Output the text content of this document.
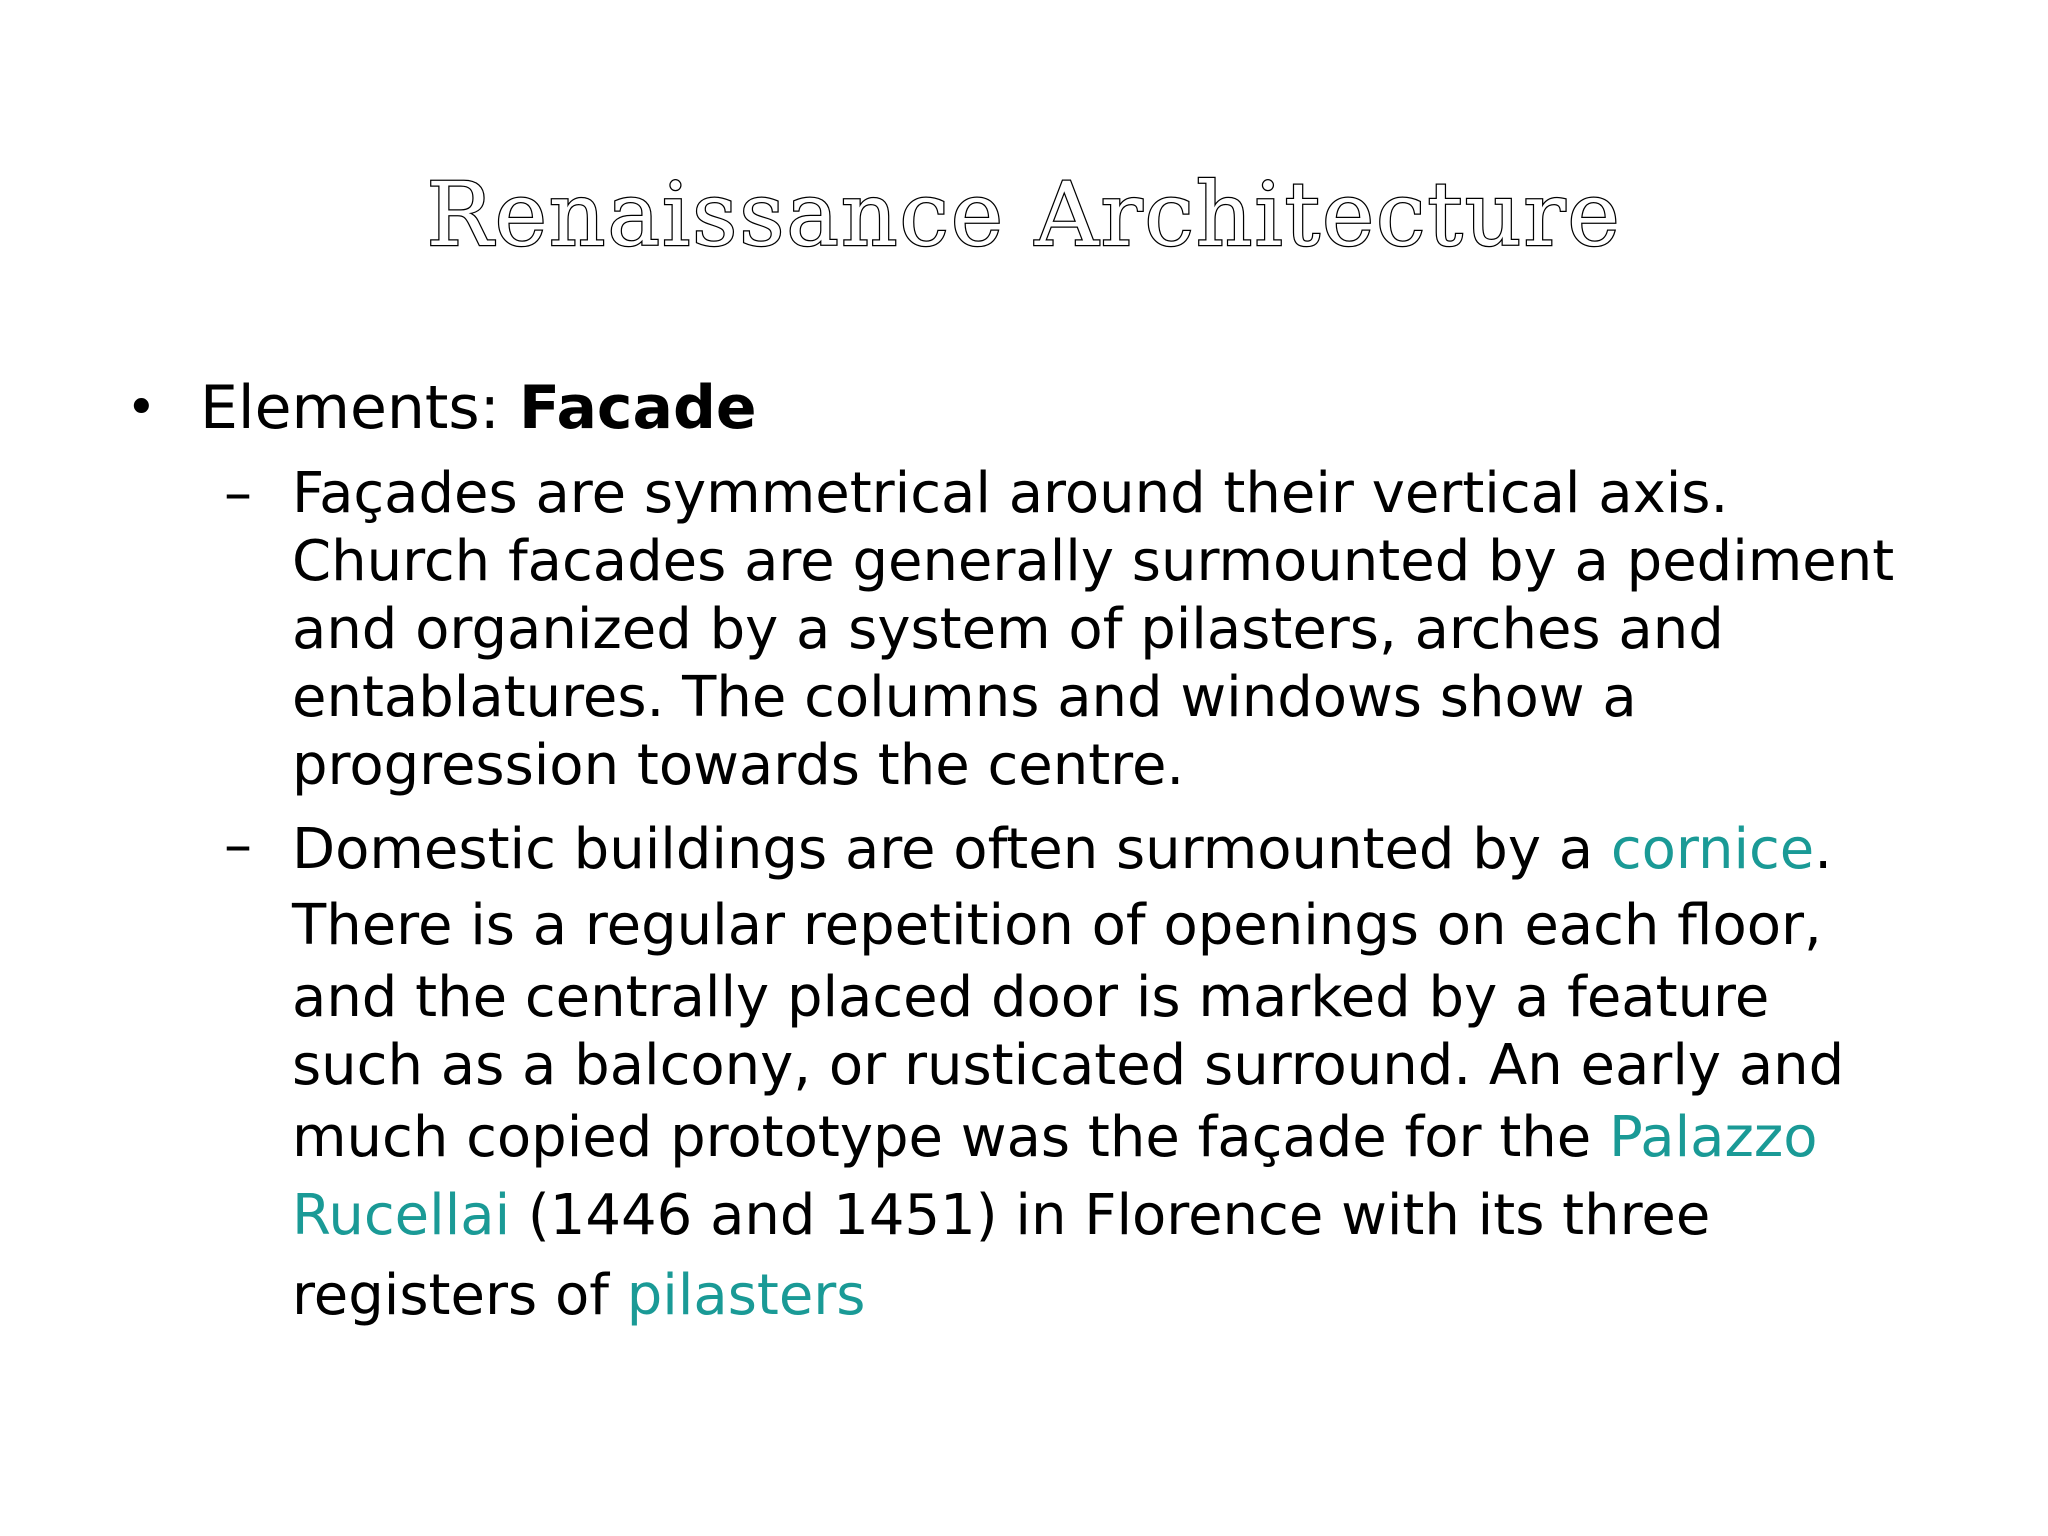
Renaissance Architecture
• Elements: Facade
– Façades are symmetrical around their vertical axis.
Church facades are generally surmounted by a pediment
and organized by a system of pilasters, arches and
entablatures. The columns and windows show a
progression towards the centre.
– Domestic buildings are often surmounted by a cornice.
There is a regular repetition of openings on each floor,
and the centrally placed door is marked by a feature
such as a balcony, or rusticated surround. An early and
much copied prototype was the façade for the Palazzo
Rucellai (1446 and 1451) in Florence with its three
registers of pilasters
